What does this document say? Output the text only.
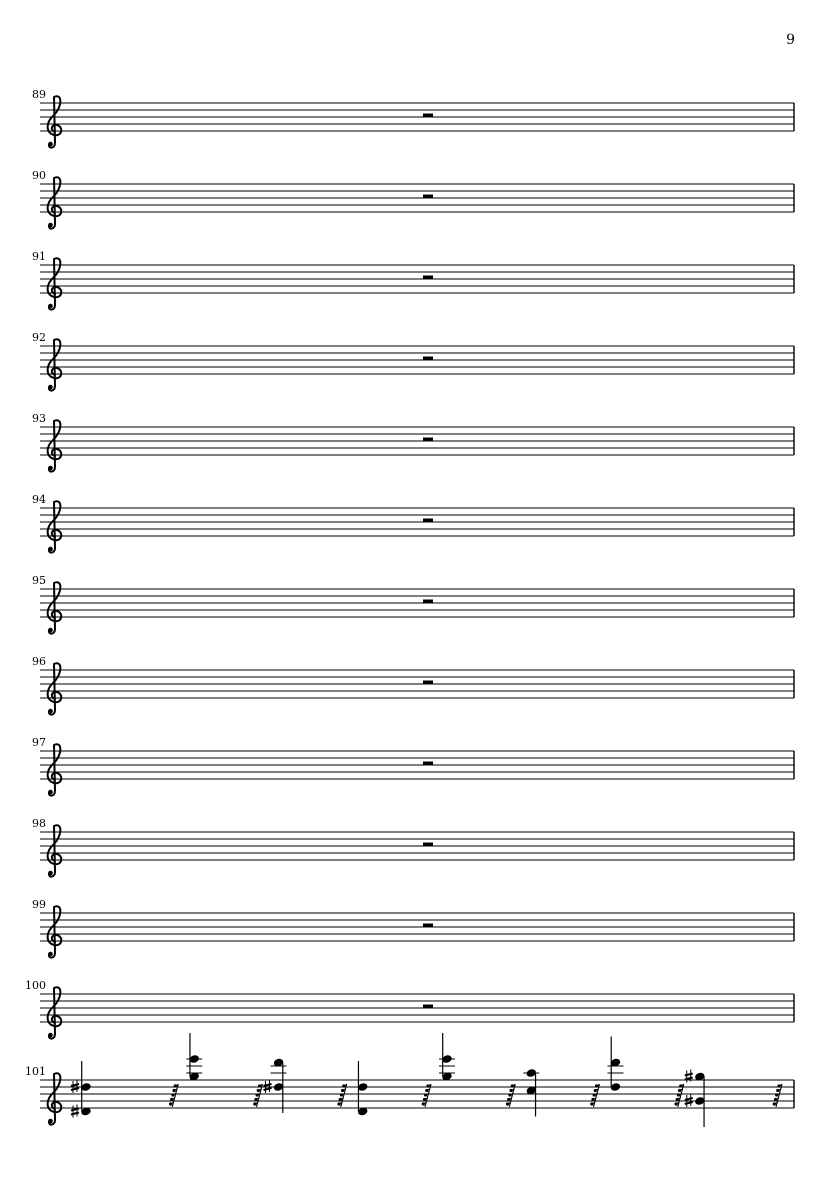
9
89
90
91
92
93
94
95
96
97
98
99
100
101
